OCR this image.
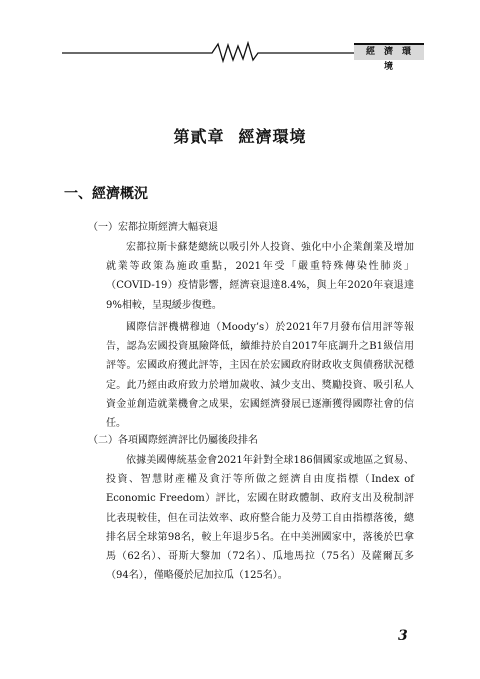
經濟環境
第貳章 經濟環境
一、經濟概況
（一）宏都拉斯經濟大幅衰退
宏都拉斯卡蘇楚總統以吸引外人投資、強化中小企業創業及增加就業等政策為施政重點，2021年受「嚴重特殊傳染性肺炎」（COVID-19）疫情影響，經濟衰退達8.4%，與上年2020年衰退達9%相較，呈現緩步復甦。
國際信評機構穆迪（Moody’s）於2021年7月發布信用評等報告，認為宏國投資風險降低，續維持於自2017年底調升之B1級信用評等。宏國政府獲此評等，主因在於宏國政府財政收支與債務狀況穩定。此乃經由政府致力於增加歲收、減少支出、獎勵投資、吸引私人資金並創造就業機會之成果，宏國經濟發展已逐漸獲得國際社會的信任。
（二）各項國際經濟評比仍屬後段排名
依據美國傳統基金會2021年針對全球186個國家或地區之貿易、投資、智慧財產權及貪汙等所做之經濟自由度指標（Index of Economic Freedom）評比，宏國在財政體制、政府支出及稅制評比表現較佳，但在司法效率、政府整合能力及勞工自由指標落後，總排名居全球第98名，較上年退步5名。在中美洲國家中，落後於巴拿馬（62名）、哥斯大黎加（72名）、瓜地馬拉（75名）及薩爾瓦多（94名），僅略優於尼加拉瓜（125名）。
3
